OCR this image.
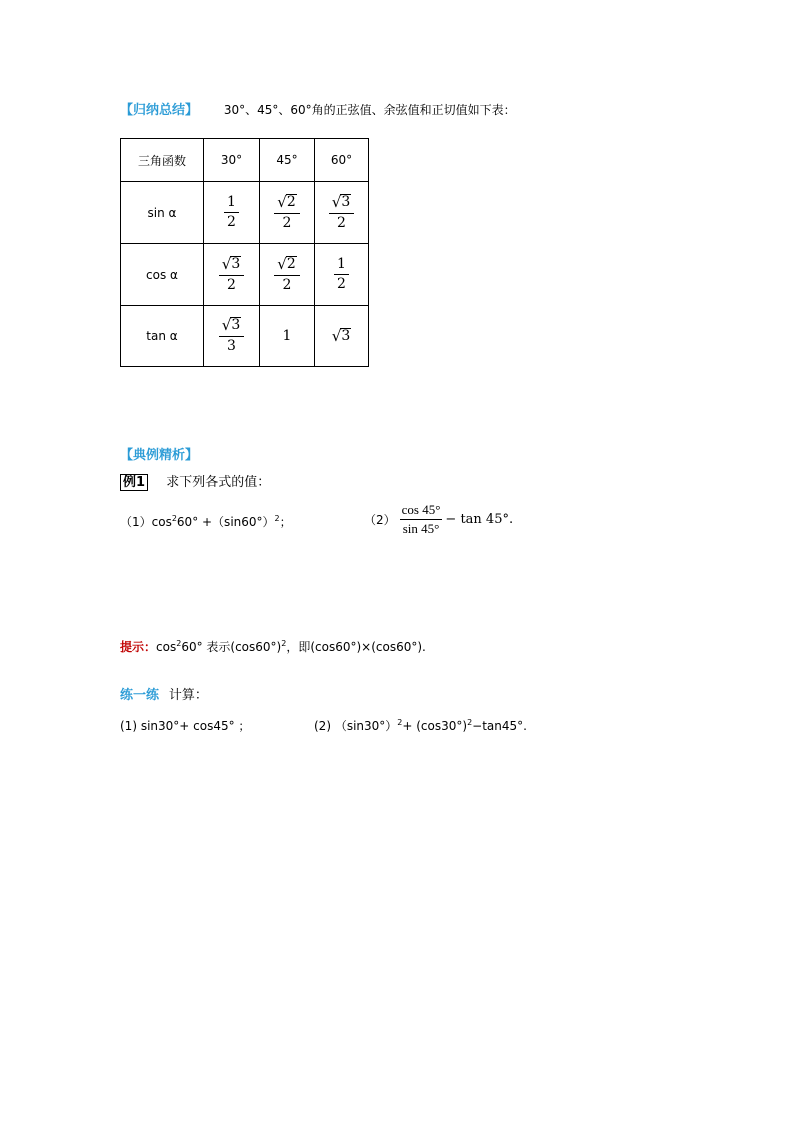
【归纳总结】 30°、45°、60°角的正弦值、余弦值和正切值如下表：
三角函数	30°	45°	60°
sin α	$\frac{1}{2}$	$\frac{√ 2}{2}$	$\frac{√ 3}{2}$

cos α	$\frac{√ 3}{2}$	$\frac{√ 2}{2}$	$\frac{1}{2}$

tan α	$\frac{√ 3}{3}$	1	√ 3
【典例精析】
例1 求下列各式的值：
$(1)\cos^260^\circ +(\sin 60^\circ)^2$；	$(2) \frac{\cos 45^\circ}{\sin 45^\circ} - \tan 45^\circ$.
提示：$\cos^260^\circ$ 表示$(\cos 60^\circ)^2$，即(cos60°)×(cos60°).
练一练 计算：
(1) sin30°+ cos45° ；	(2) $(\sin 30^\circ)^2+ (\cos 30^\circ)^2-\tan 45^\circ$.
